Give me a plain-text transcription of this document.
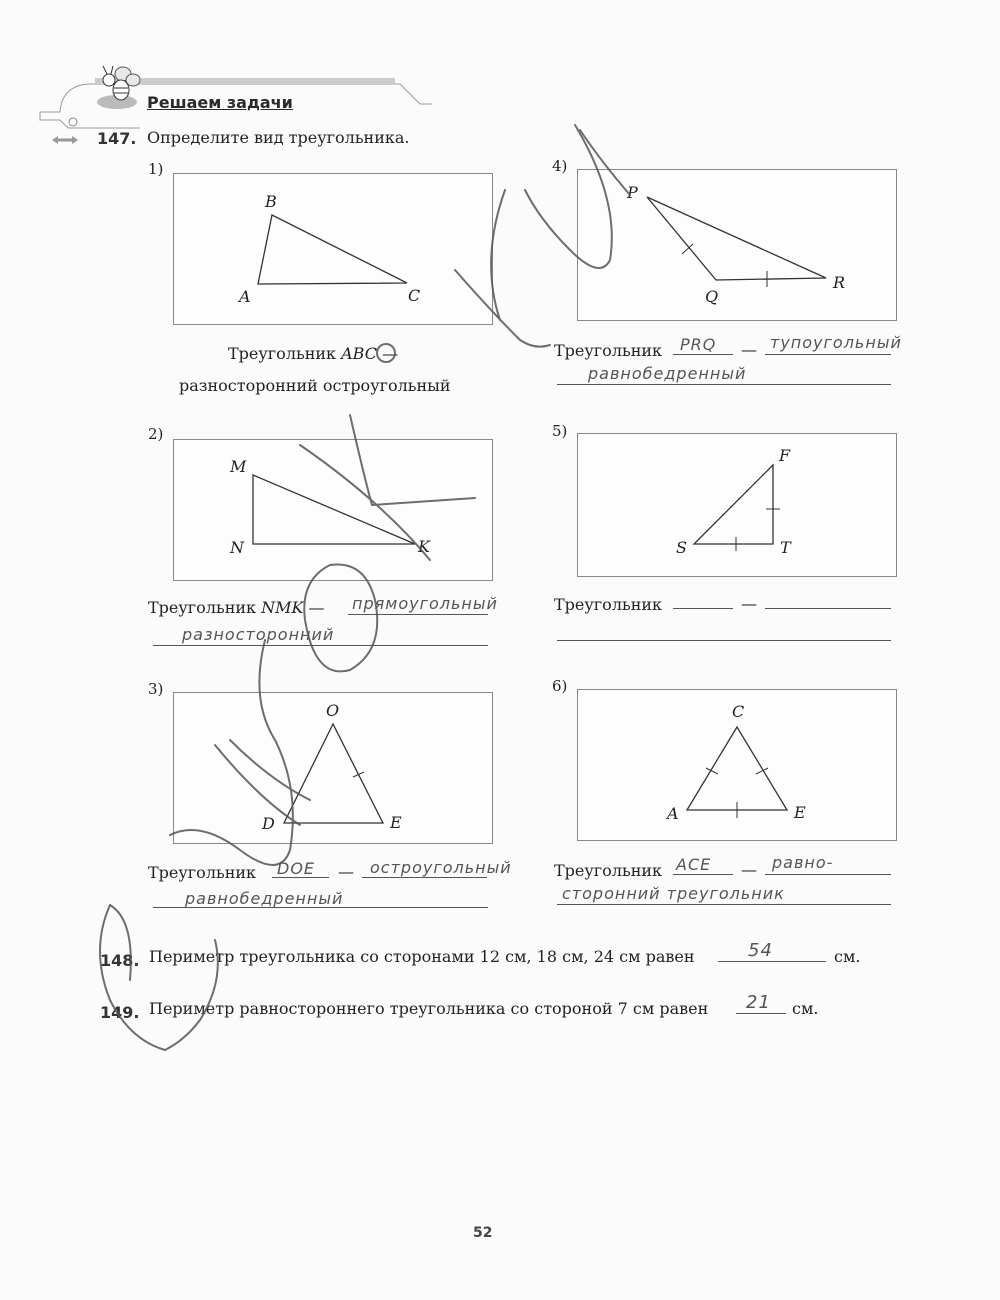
Решаем задачи
147. Определите вид треугольника.
1)
B
A	C
Треугольник ABC —
разносторонний остроугольный
2)
M
N	K
Треугольник NMK — прямоугольный
разносторонний
3)
O
D	E
Треугольник DOE — остроугольный
равнобедренный
4)
P
Q
R
Треугольник PRQ — тупоугольный
равнобедренный
5)
F
S	T
Треугольник	—
6)
C
A	E
Треугольник ACE — равно-
сторонний треугольник
148. Периметр треугольника со сторонами 12 см, 18 см, 24 см равен	54	см.
149. Периметр равностороннего треугольника со стороной 7 см равен 21 см.
52
